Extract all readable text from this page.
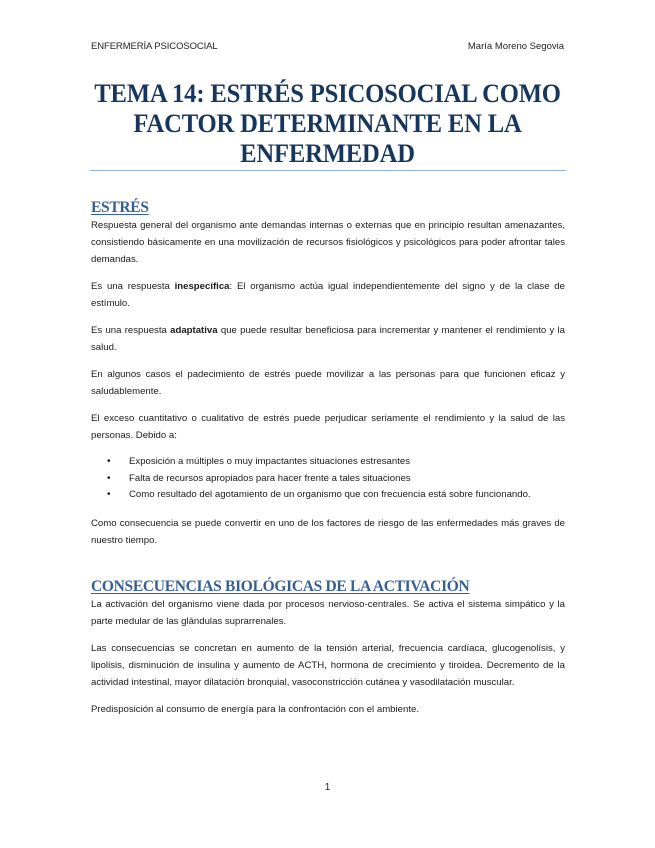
ENFERMERÍA PSICOSOCIAL	María Moreno Segovia
TEMA 14: ESTRÉS PSICOSOCIAL COMO
FACTOR DETERMINANTE EN LA
ENFERMEDAD
ESTRÉS

Respuesta general del organismo ante demandas internas o externas que en principio resultan amenazantes, consistiendo básicamente en una movilización de recursos fisiológicos y psicológicos para poder afrontar tales demandas.

Es una respuesta inespecífica: El organismo actúa igual independientemente del signo y de la clase de estímulo.

Es una respuesta adaptativa que puede resultar beneficiosa para incrementar y mantener el rendimiento y la salud.

En algunos casos el padecimiento de estrés puede movilizar a las personas para que funcionen eficaz y saludablemente.

El exceso cuantitativo o cualitativo de estrés puede perjudicar seriamente el rendimiento y la salud de las personas. Debido a:

• Exposición a múltiples o muy impactantes situaciones estresantes
• Falta de recursos apropiados para hacer frente a tales situaciones
• Como resultado del agotamiento de un organismo que con frecuencia está sobre funcionando.

Como consecuencia se puede convertir en uno de los factores de riesgo de las enfermedades más graves de nuestro tiempo.

CONSECUENCIAS BIOLÓGICAS DE LA ACTIVACIÓN

La activación del organismo viene dada por procesos nervioso-centrales. Se activa el sistema simpático y la parte medular de las glándulas suprarrenales.

Las consecuencias se concretan en aumento de la tensión arterial, frecuencia cardíaca, glucogenolísis, y lipolisis, disminución de insulina y aumento de ACTH, hormona de crecimiento y tiroidea. Decremento de la actividad intestinal, mayor dilatación bronquial, vasoconstricción cutánea y vasodilatación muscular.

Predisposición al consumo de energía para la confrontación con el ambiente.

1
